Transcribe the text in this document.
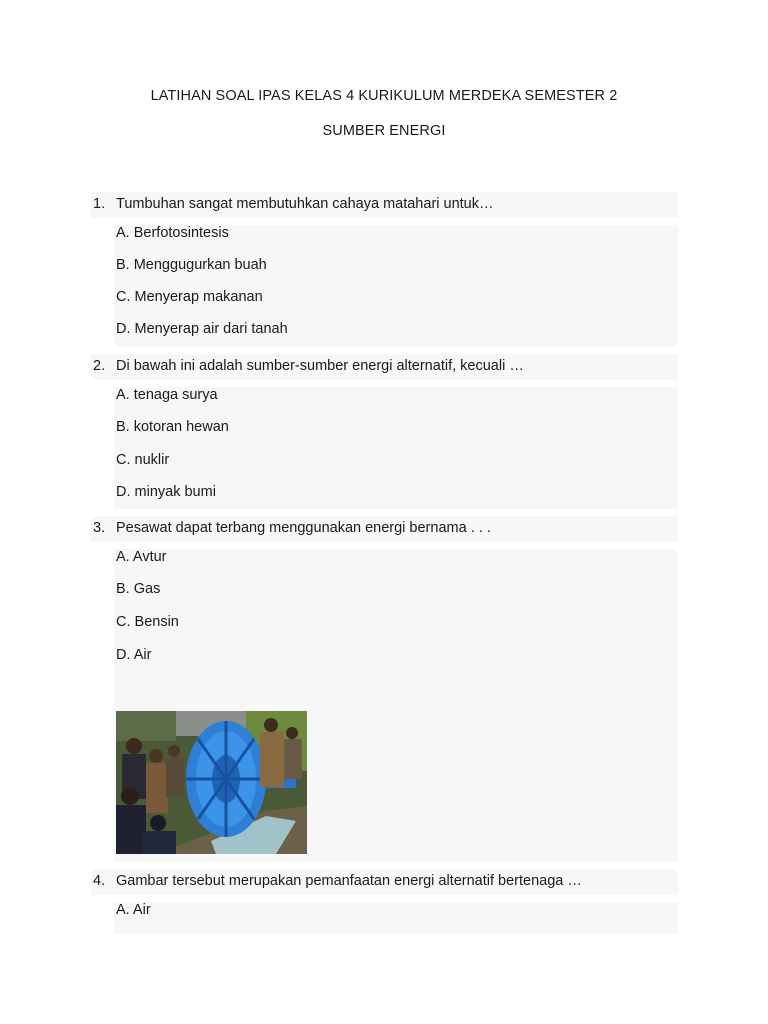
LATIHAN SOAL IPAS KELAS 4 KURIKULUM MERDEKA SEMESTER 2
SUMBER ENERGI
1. Tumbuhan sangat membutuhkan cahaya matahari untuk…
A. Berfotosintesis
B. Menggugurkan buah
C. Menyerap makanan
D. Menyerap air dari tanah
2. Di bawah ini adalah sumber-sumber energi alternatif, kecuali …
A. tenaga surya
B. kotoran hewan
C. nuklir
D. minyak bumi
3. Pesawat dapat terbang menggunakan energi bernama . . .
A. Avtur
B. Gas
C. Bensin
D. Air
4. Gambar tersebut merupakan pemanfaatan energi alternatif bertenaga …
A. Air
